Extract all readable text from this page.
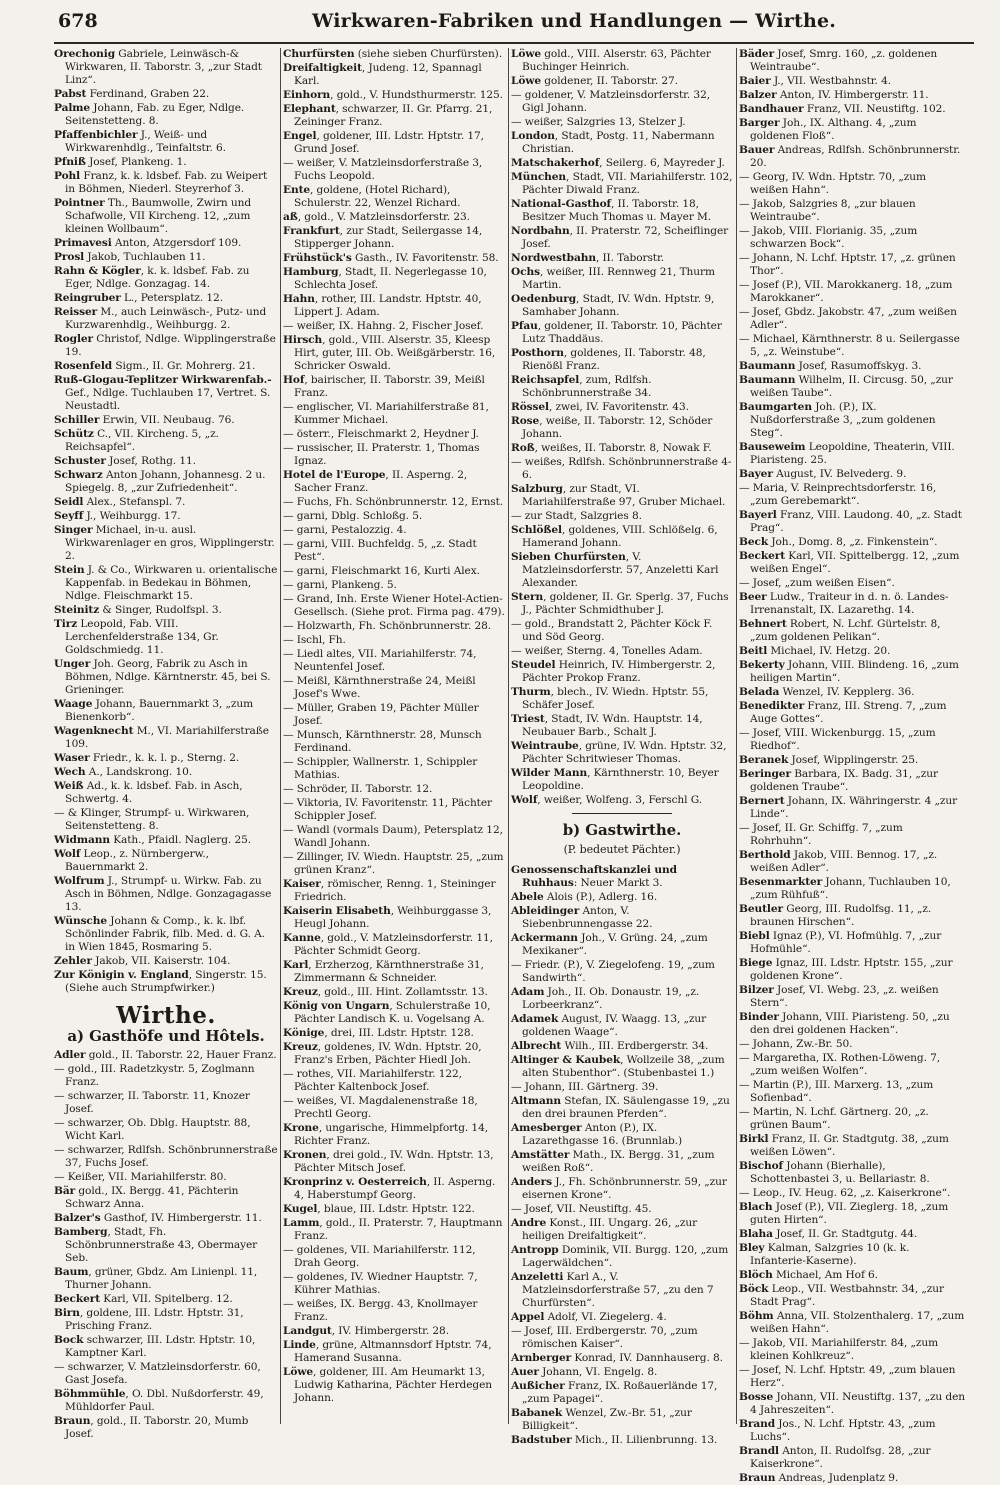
678	Wirkwaren-Fabriken und Handlungen — Wirthe.
Orechonig Gabriele, Leinwäsch-& Wirkwaren, II. Taborstr. 3, „zur Stadt Linz“.
Pabst Ferdinand, Graben 22.
Palme Johann, Fab. zu Eger, Ndlge. Seitenstetteng. 8.
Pfaffenbichler J., Weiß- und Wirkwarenhdlg., Teinfaltstr. 6.
Pfniß Josef, Plankeng. 1.
Pohl Franz, k. k. ldsbef. Fab. zu Weipert in Böhmen, Niederl. Steyrerhof 3.
Pointner Th., Baumwolle, Zwirn und Schafwolle, VII Kircheng. 12, „zum kleinen Wollbaum“.
Primavesi Anton, Atzgersdorf 109.
Prosl Jakob, Tuchlauben 11.
Rahn & Kögler, k. k. ldsbef. Fab. zu Eger, Ndlge. Gonzagag. 14.
Reingruber L., Petersplatz. 12.
Reisser M., auch Leinwäsch-, Putz- und Kurzwarenhdlg., Weihburgg. 2.
Rogler Christof, Ndlge. Wipplingerstraße 19.
Rosenfeld Sigm., II. Gr. Mohrerg. 21.
Ruß-Glogau-Teplitzer Wirkwarenfab.-Gef., Ndlge. Tuchlauben 17, Vertret. S. Neustadtl.
Schiller Erwin, VII. Neubaug. 76.
Schütz C., VII. Kircheng. 5, „z. Reichsapfel“.
Schuster Josef, Rothg. 11.
Schwarz Anton Johann, Johannesg. 2 u. Spiegelg. 8, „zur Zufriedenheit“.
Seidl Alex., Stefanspl. 7.
Seyff J., Weihburgg. 17.
Singer Michael, in-u. ausl. Wirkwarenlager en gros, Wipplingerstr. 2.
Stein J. & Co., Wirkwaren u. orientalische Kappenfab. in Bedekau in Böhmen, Ndlge. Fleischmarkt 15.
Steinitz & Singer, Rudolfspl. 3.
Tirz Leopold, Fab. VIII. Lerchenfelderstraße 134, Gr. Goldschmiedg. 11.
Unger Joh. Georg, Fabrik zu Asch in Böhmen, Ndlge. Kärntnerstr. 45, bei S. Grieninger.
Waage Johann, Bauernmarkt 3, „zum Bienenkorb“.
Wagenknecht M., VI. Mariahilferstraße 109.
Waser Friedr., k. k. l. p., Sterng. 2.
Wech A., Landskrong. 10.
Weiß Ad., k. k. ldsbef. Fab. in Asch, Schwertg. 4.
— & Klinger, Strumpf- u. Wirkwaren, Seitenstetteng. 8.
Widmann Kath., Pfaidl. Naglerg. 25.
Wolf Leop., z. Nürnbergerw., Bauernmarkt 2.
Wolfrum J., Strumpf- u. Wirkw. Fab. zu Asch in Böhmen, Ndlge. Gonzagagasse 13.
Wünsche Johann & Comp., k. k. lbf. Schönlinder Fabrik, filb. Med. d. G. A. in Wien 1845, Rosmaring 5.
Zehler Jakob, VII. Kaiserstr. 104.
Zur Königin v. England, Singerstr. 15. (Siehe auch Strumpfwirker.)
Wirthe.
a) Gasthöfe und Hôtels.
Adler gold., II. Taborstr. 22, Hauer Franz.
— gold., III. Radetzkystr. 5, Zoglmann Franz.
— schwarzer, II. Taborstr. 11, Knozer Josef.
— schwarzer, Ob. Dblg. Hauptstr. 88, Wicht Karl.
— schwarzer, Rdlfsh. Schönbrunnerstraße 37, Fuchs Josef.
— Keißer, VII. Mariahilferstr. 80.
Bär gold., IX. Bergg. 41, Pächterin Schwarz Anna.
Balzer's Gasthof, IV. Himbergerstr. 11.
Bamberg, Stadt, Fh. Schönbrunnerstraße 43, Obermayer Seb.
Baum, grüner, Gbdz. Am Linienpl. 11, Thurner Johann.
Beckert Karl, VII. Spitelberg. 12.
Birn, goldene, III. Ldstr. Hptstr. 31, Prisching Franz.
Bock schwarzer, III. Ldstr. Hptstr. 10, Kamptner Karl.
— schwarzer, V. Matzleinsdorferstr. 60, Gast Josefa.
Böhmmühle, O. Dbl. Nußdorferstr. 49, Mühldorfer Paul.
Braun, gold., II. Taborstr. 20, Mumb Josef.
Churfürsten (siehe sieben Churfürsten).
Dreifaltigkeit, Judeng. 12, Spannagl Karl.
Einhorn, gold., V. Hundsthurmerstr. 125.
Elephant, schwarzer, II. Gr. Pfarrg. 21, Zeininger Franz.
Engel, goldener, III. Ldstr. Hptstr. 17, Grund Josef.
— weißer, V. Matzleinsdorferstraße 3, Fuchs Leopold.
Ente, goldene, (Hotel Richard), Schulerstr. 22, Wenzel Richard.
aß, gold., V. Matzleinsdorferstr. 23.
Frankfurt, zur Stadt, Seilergasse 14, Stipperger Johann.
Frühstück's Gasth., IV. Favoritenstr. 58.
Hamburg, Stadt, II. Negerlegasse 10, Schlechta Josef.
Hahn, rother, III. Landstr. Hptstr. 40, Lippert J. Adam.
— weißer, IX. Hahng. 2, Fischer Josef.
Hirsch, gold., VIII. Alserstr. 35, Kleesp Hirt, guter, III. Ob. Weißgärberstr. 16, Schricker Oswald.
Hof, bairischer, II. Taborstr. 39, Meißl Franz.
— englischer, VI. Mariahilferstraße 81, Kummer Michael.
— österr., Fleischmarkt 2, Heydner J.
— russischer, II. Praterstr. 1, Thomas Ignaz.
Hotel de l'Europe, II. Asperng. 2, Sacher Franz.
— Fuchs, Fh. Schönbrunnerstr. 12, Ernst.
— garni, Dblg. Schloßg. 5.
— garni, Pestalozzig. 4.
— garni, VIII. Buchfeldg. 5, „z. Stadt Pest“.
— garni, Fleischmarkt 16, Kurti Alex.
— garni, Plankeng. 5.
— Grand, Inh. Erste Wiener Hotel-Actien-Gesellsch. (Siehe prot. Firma pag. 479).
— Holzwarth, Fh. Schönbrunnerstr. 28.
— Ischl, Fh.
— Liedl altes, VII. Mariahilferstr. 74, Neuntenfel Josef.
— Meißl, Kärnthnerstraße 24, Meißl Josef's Wwe.
— Müller, Graben 19, Pächter Müller Josef.
— Munsch, Kärnthnerstr. 28, Munsch Ferdinand.
— Schippler, Wallnerstr. 1, Schippler Mathias.
— Schröder, II. Taborstr. 12.
— Viktoria, IV. Favoritenstr. 11, Pächter Schippler Josef.
— Wandl (vormals Daum), Petersplatz 12, Wandl Johann.
— Zillinger, IV. Wiedn. Hauptstr. 25, „zum grünen Kranz“.
Kaiser, römischer, Renng. 1, Steininger Friedrich.
Kaiserin Elisabeth, Weihburggasse 3, Heugl Johann.
Kanne, gold., V. Matzleinsdorferstr. 11, Pächter Schmidt Georg.
Karl, Erzherzog, Kärnthnerstraße 31, Zimmermann & Schneider.
Kreuz, gold., III. Hint. Zollamtsstr. 13.
König von Ungarn, Schulerstraße 10, Pächter Landisch K. u. Vogelsang A.
Könige, drei, III. Ldstr. Hptstr. 128.
Kreuz, goldenes, IV. Wdn. Hptstr. 20, Franz's Erben, Pächter Hiedl Joh.
— rothes, VII. Mariahilferstr. 122, Pächter Kaltenbock Josef.
— weißes, VI. Magdalenenstraße 18, Prechtl Georg.
Krone, ungarische, Himmelpfortg. 14, Richter Franz.
Kronen, drei gold., IV. Wdn. Hptstr. 13, Pächter Mitsch Josef.
Kronprinz v. Oesterreich, II. Asperng. 4, Haberstumpf Georg.
Kugel, blaue, III. Ldstr. Hptstr. 122.
Lamm, gold., II. Praterstr. 7, Hauptmann Franz.
— goldenes, VII. Mariahilferstr. 112, Drah Georg.
— goldenes, IV. Wiedner Hauptstr. 7, Kührer Mathias.
— weißes, IX. Bergg. 43, Knollmayer Franz.
Landgut, IV. Himbergerstr. 28.
Linde, grüne, Altmannsdorf Hptstr. 74, Hamerand Susanna.
Löwe, goldener, III. Am Heumarkt 13, Ludwig Katharina, Pächter Herdegen Johann.
Löwe gold., VIII. Alserstr. 63, Pächter Buchinger Heinrich.
Löwe goldener, II. Taborstr. 27.
— goldener, V. Matzleinsdorferstr. 32, Gigl Johann.
— weißer, Salzgries 13, Stelzer J.
London, Stadt, Postg. 11, Nabermann Christian.
Matschakerhof, Seilerg. 6, Mayreder J.
München, Stadt, VII. Mariahilferstr. 102, Pächter Diwald Franz.
National-Gasthof, II. Taborstr. 18, Besitzer Much Thomas u. Mayer M.
Nordbahn, II. Praterstr. 72, Scheiflinger Josef.
Nordwestbahn, II. Taborstr.
Ochs, weißer, III. Rennweg 21, Thurm Martin.
Oedenburg, Stadt, IV. Wdn. Hptstr. 9, Samhaber Johann.
Pfau, goldener, II. Taborstr. 10, Pächter Lutz Thaddäus.
Posthorn, goldenes, II. Taborstr. 48, Rienößl Franz.
Reichsapfel, zum, Rdlfsh. Schönbrunnerstraße 34.
Rössel, zwei, IV. Favoritenstr. 43.
Rose, weiße, II. Taborstr. 12, Schöder Johann.
Roß, weißes, II. Taborstr. 8, Nowak F.
— weißes, Rdlfsh. Schönbrunnerstraße 4-6.
Salzburg, zur Stadt, VI. Mariahilferstraße 97, Gruber Michael.
— zur Stadt, Salzgries 8.
Schlößel, goldenes, VIII. Schlößelg. 6, Hamerand Johann.
Sieben Churfürsten, V. Matzleinsdorferstr. 57, Anzeletti Karl Alexander.
Stern, goldener, II. Gr. Sperlg. 37, Fuchs J., Pächter Schmidthuber J.
— gold., Brandstatt 2, Pächter Köck F. und Söd Georg.
— weißer, Sterng. 4, Tonelles Adam.
Steudel Heinrich, IV. Himbergerstr. 2, Pächter Prokop Franz.
Thurm, blech., IV. Wiedn. Hptstr. 55, Schäfer Josef.
Triest, Stadt, IV. Wdn. Hauptstr. 14, Neubauer Barb., Schalt J.
Weintraube, grüne, IV. Wdn. Hptstr. 32, Pächter Schritwieser Thomas.
Wilder Mann, Kärnthnerstr. 10, Beyer Leopoldine.
Wolf, weißer, Wolfeng. 3, Ferschl G.
b) Gastwirthe.
(P. bedeutet Pächter.)
Genossenschaftskanzlei und Ruhhaus: Neuer Markt 3.
Abele Alois (P.), Adlerg. 16.
Ableidinger Anton, V. Siebenbrunnengasse 22.
Ackermann Joh., V. Grüng. 24, „zum Mexikaner“.
— Friedr. (P.), V. Ziegelofeng. 19, „zum Sandwirth“.
Adam Joh., II. Ob. Donaustr. 19, „z. Lorbeerkranz“.
Adamek August, IV. Waagg. 13, „zur goldenen Waage“.
Albrecht Wilh., III. Erdbergerstr. 34.
Altinger & Kaubek, Wollzeile 38, „zum alten Stubenthor“. (Stubenbastei 1.)
— Johann, III. Gärtnerg. 39.
Altmann Stefan, IX. Säulengasse 19, „zu den drei braunen Pferden“.
Amesberger Anton (P.), IX. Lazarethgasse 16. (Brunnlab.)
Amstätter Math., IX. Bergg. 31, „zum weißen Roß“.
Anders J., Fh. Schönbrunnerstr. 59, „zur eisernen Krone“.
— Josef, VII. Neustiftg. 45.
Andre Konst., III. Ungarg. 26, „zur heiligen Dreifaltigkeit“.
Antropp Dominik, VII. Burgg. 120, „zum Lagerwäldchen“.
Anzeletti Karl A., V. Matzleinsdorferstraße 57, „zu den 7 Churfürsten“.
Appel Adolf, VI. Ziegelerg. 4.
— Josef, III. Erdbergerstr. 70, „zum römischen Kaiser“.
Arnberger Konrad, IV. Dannhauserg. 8.
Auer Johann, VI. Engelg. 8.
Außicher Franz, IX. Roßauerlände 17, „zum Papagei“.
Babanek Wenzel, Zw.-Br. 51, „zur Billigkeit“.
Badstuber Mich., II. Lilienbrunng. 13.
Bäder Josef, Smrg. 160, „z. goldenen Weintraube“.
Baier J., VII. Westbahnstr. 4.
Balzer Anton, IV. Himbergerstr. 11.
Bandhauer Franz, VII. Neustiftg. 102.
Barger Joh., IX. Althang. 4, „zum goldenen Floß“.
Bauer Andreas, Rdlfsh. Schönbrunnerstr. 20.
— Georg, IV. Wdn. Hptstr. 70, „zum weißen Hahn“.
— Jakob, Salzgries 8, „zur blauen Weintraube“.
— Jakob, VIII. Florianig. 35, „zum schwarzen Bock“.
— Johann, N. Lchf. Hptstr. 17, „z. grünen Thor“.
— Josef (P.), VII. Marokkanerg. 18, „zum Marokkaner“.
— Josef, Gbdz. Jakobstr. 47, „zum weißen Adler“.
— Michael, Kärnthnerstr. 8 u. Seilergasse 5, „z. Weinstube“.
Baumann Josef, Rasumoffskyg. 3.
Baumann Wilhelm, II. Circusg. 50, „zur weißen Taube“.
Baumgarten Joh. (P.), IX. Nußdorferstraße 3, „zum goldenen Steg“.
Bauseweim Leopoldine, Theaterin, VIII. Piaristeng. 25.
Bayer August, IV. Belvederg. 9.
— Maria, V. Reinprechtsdorferstr. 16, „zum Gerebemarkt“.
Bayerl Franz, VIII. Laudong. 40, „z. Stadt Prag“.
Beck Joh., Domg. 8, „z. Finkenstein“.
Beckert Karl, VII. Spittelbergg. 12, „zum weißen Engel“.
— Josef, „zum weißen Eisen“.
Beer Ludw., Traiteur in d. n. ö. Landes-Irrenanstalt, IX. Lazarethg. 14.
Behnert Robert, N. Lchf. Gürtelstr. 8, „zum goldenen Pelikan“.
Beitl Michael, IV. Hetzg. 20.
Bekerty Johann, VIII. Blindeng. 16, „zum heiligen Martin“.
Belada Wenzel, IV. Kepplerg. 36.
Benedikter Franz, III. Streng. 7, „zum Auge Gottes“.
— Josef, VIII. Wickenburgg. 15, „zum Riedhof“.
Beranek Josef, Wipplingerstr. 25.
Beringer Barbara, IX. Badg. 31, „zur goldenen Traube“.
Bernert Johann, IX. Währingerstr. 4 „zur Linde“.
— Josef, II. Gr. Schiffg. 7, „zum Rohrhuhn“.
Berthold Jakob, VIII. Bennog. 17, „z. weißen Adler“.
Besenmarkter Johann, Tuchlauben 10, „zum Rühfuß“.
Beutler Georg, III. Rudolfsg. 11, „z. braunen Hirschen“.
Biebl Ignaz (P.), VI. Hofmühlg. 7, „zur Hofmühle“.
Biege Ignaz, III. Ldstr. Hptstr. 155, „zur goldenen Krone“.
Bilzer Josef, VI. Webg. 23, „z. weißen Stern“.
Binder Johann, VIII. Piaristeng. 50, „zu den drei goldenen Hacken“.
— Johann, Zw.-Br. 50.
— Margaretha, IX. Rothen-Löweng. 7, „zum weißen Wolfen“.
— Martin (P.), III. Marxerg. 13, „zum Sofienbad“.
— Martin, N. Lchf. Gärtnerg. 20, „z. grünen Baum“.
Birkl Franz, II. Gr. Stadtgutg. 38, „zum weißen Löwen“.
Bischof Johann (Bierhalle), Schottenbastei 3, u. Bellariastr. 8.
— Leop., IV. Heug. 62, „z. Kaiserkrone“.
Blach Josef (P.), VII. Zieglerg. 18, „zum guten Hirten“.
Blaha Josef, II. Gr. Stadtgutg. 44.
Bley Kalman, Salzgries 10 (k. k. Infanterie-Kaserne).
Blöch Michael, Am Hof 6.
Böck Leop., VII. Westbahnstr. 34, „zur Stadt Prag“.
Böhm Anna, VII. Stolzenthalerg. 17, „zum weißen Hahn“.
— Jakob, VII. Mariahilferstr. 84, „zum kleinen Kohlkreuz“.
— Josef, N. Lchf. Hptstr. 49, „zum blauen Herz“.
Bosse Johann, VII. Neustiftg. 137, „zu den 4 Jahreszeiten“.
Brand Jos., N. Lchf. Hptstr. 43, „zum Luchs“.
Brandl Anton, II. Rudolfsg. 28, „zur Kaiserkrone“.
Braun Andreas, Judenplatz 9.
